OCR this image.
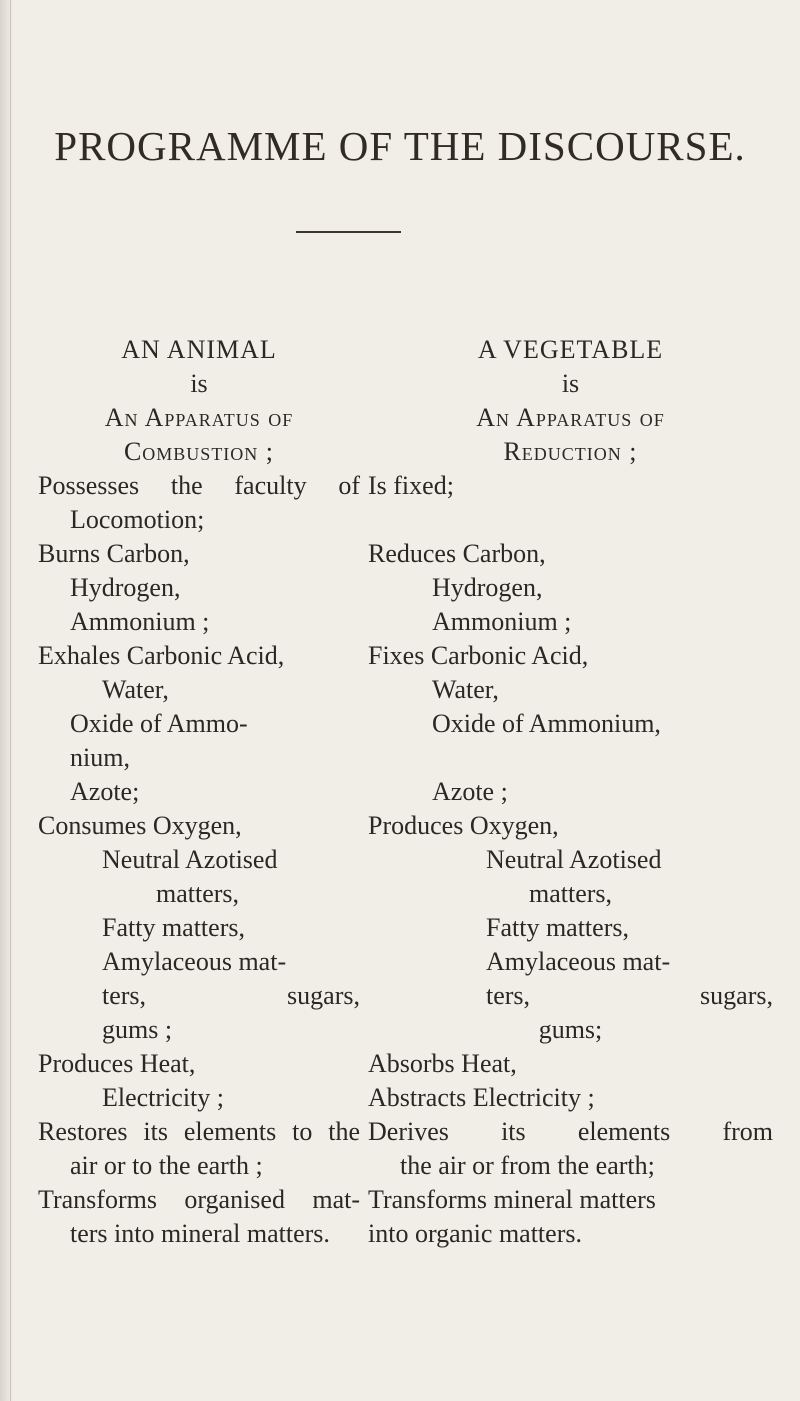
PROGRAMME OF THE DISCOURSE.
AN ANIMAL
is
An Apparatus of
Combustion ;
Possesses the faculty of
Locomotion;
Burns Carbon,
Hydrogen,
Ammonium ;
Exhales Carbonic Acid,
Water,
Oxide of Ammo-
nium,
Azote;
Consumes Oxygen,
Neutral Azotised
matters,
Fatty matters,
Amylaceous mat-
ters, sugars,
gums ;
Produces Heat,
Electricity ;
Restores its elements to the
air or to the earth ;
Transforms organised mat-
ters into mineral matters.
A VEGETABLE
is
An Apparatus of
Reduction ;
Is fixed;
Reduces Carbon,
Hydrogen,
Ammonium ;
Fixes Carbonic Acid,
Water,
Oxide of Ammonium,
Azote ;
Produces Oxygen,
Neutral Azotised
matters,
Fatty matters,
Amylaceous mat-
ters, sugars,
gums;
Absorbs Heat,
Abstracts Electricity ;
Derives its elements from
the air or from the earth;
Transforms mineral matters
into organic matters.
